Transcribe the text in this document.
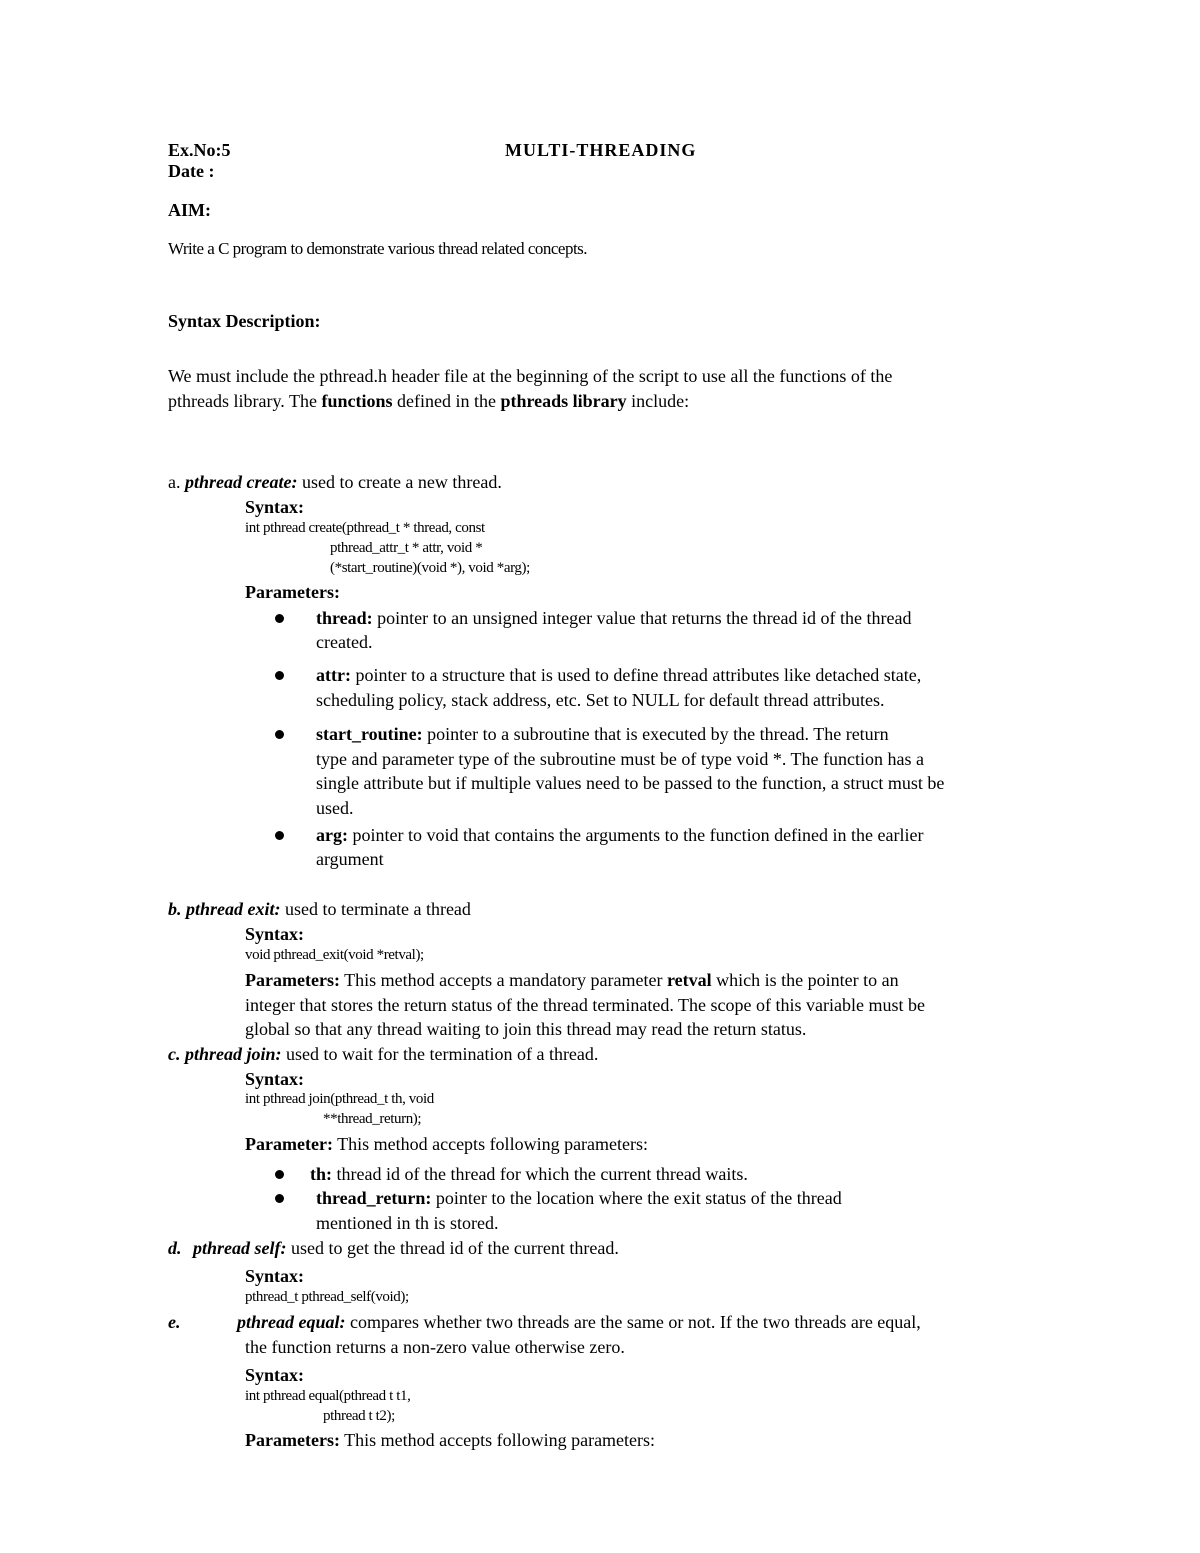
Ex.No:5	MULTI-THREADING
Date :
AIM:
Write a C program to demonstrate various thread related concepts.
Syntax Description:
We must include the pthread.h header file at the beginning of the script to use all the functions of the
pthreads library. The functions defined in the pthreads library include:
a. pthread create: used to create a new thread.
Syntax:
int pthread create(pthread_t * thread, const
pthread_attr_t * attr, void *
(*start_routine)(void *), void *arg);
Parameters:
thread: pointer to an unsigned integer value that returns the thread id of the thread
created.
attr: pointer to a structure that is used to define thread attributes like detached state,
scheduling policy, stack address, etc. Set to NULL for default thread attributes.
start_routine: pointer to a subroutine that is executed by the thread. The return
type and parameter type of the subroutine must be of type void *. The function has a
single attribute but if multiple values need to be passed to the function, a struct must be
used.
arg: pointer to void that contains the arguments to the function defined in the earlier
argument
b. pthread exit: used to terminate a thread
Syntax:
void pthread_exit(void *retval);
Parameters: This method accepts a mandatory parameter retval which is the pointer to an
integer that stores the return status of the thread terminated. The scope of this variable must be
global so that any thread waiting to join this thread may read the return status.
c. pthread join: used to wait for the termination of a thread.
Syntax:
int pthread join(pthread_t th, void
**thread_return);
Parameter: This method accepts following parameters:
th: thread id of the thread for which the current thread waits.
thread_return: pointer to the location where the exit status of the thread
mentioned in th is stored.
d. pthread self: used to get the thread id of the current thread.
Syntax:
pthread_t pthread_self(void);
e.	pthread equal: compares whether two threads are the same or not. If the two threads are equal,
the function returns a non-zero value otherwise zero.
Syntax:
int pthread equal(pthread t t1,
pthread t t2);
Parameters: This method accepts following parameters:
